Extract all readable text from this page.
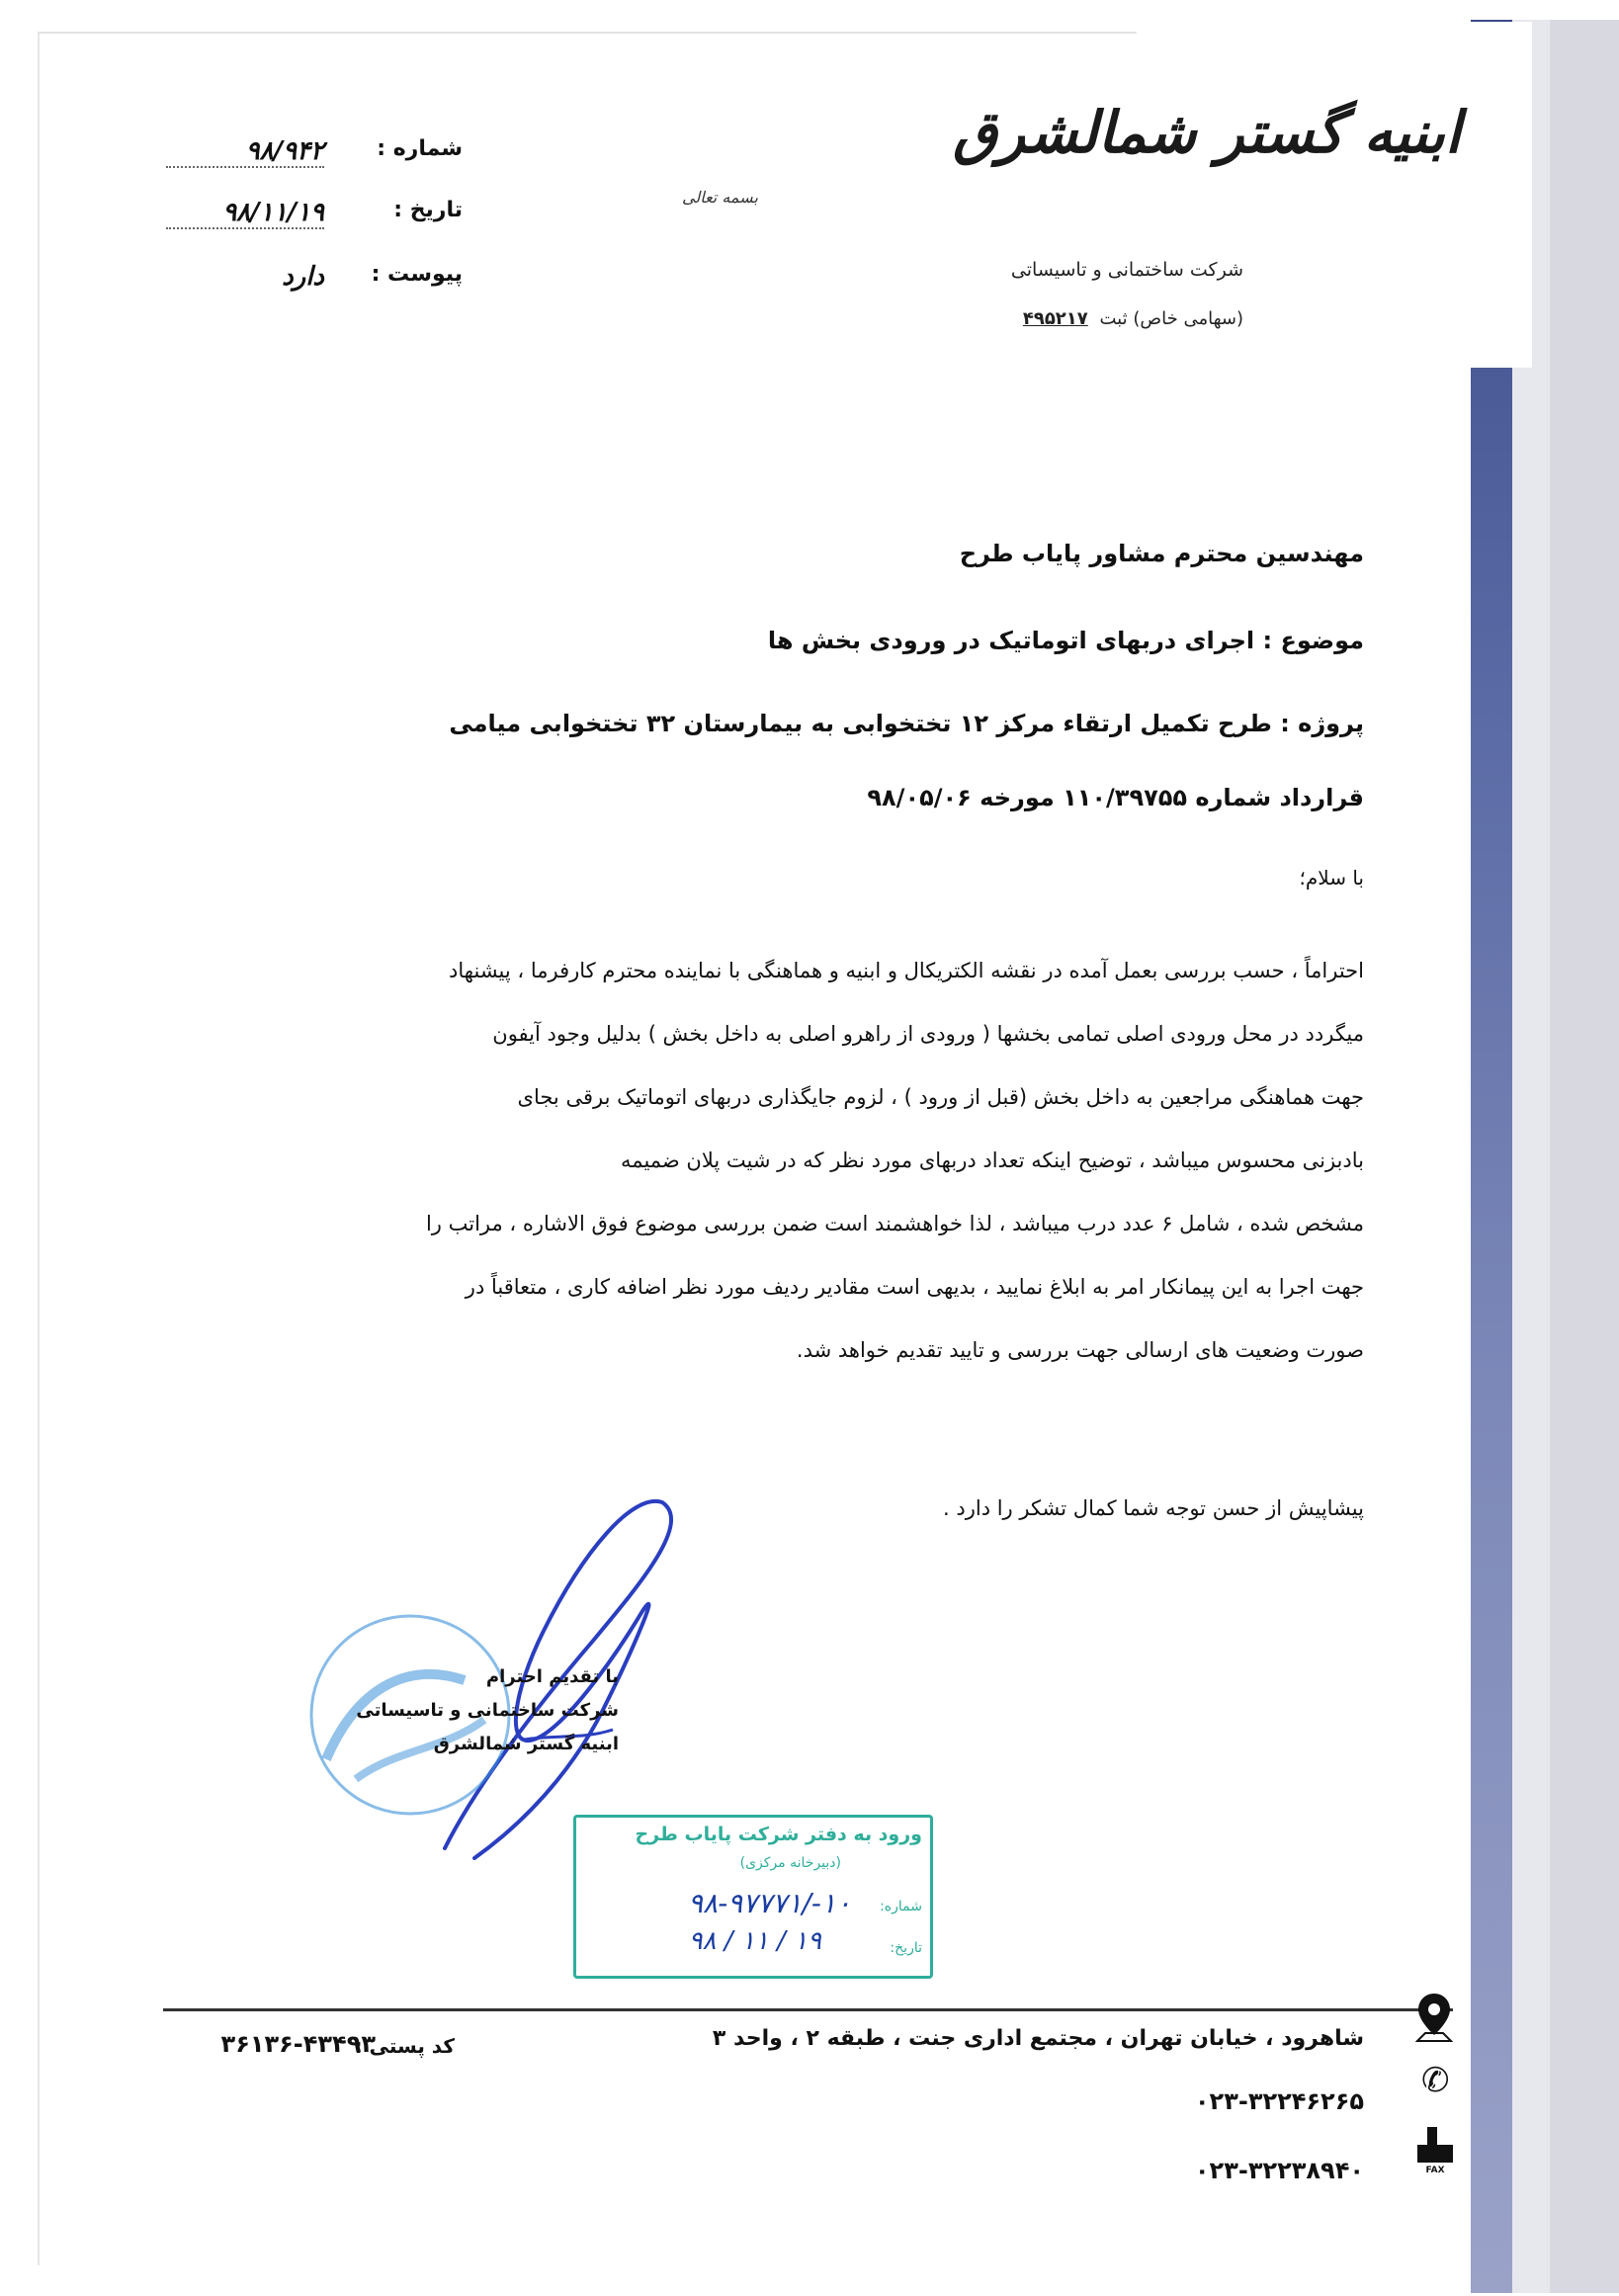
ابنیه گستر شمالشرق
شرکت ساختمانی و تاسیساتی
(سهامی خاص) ثبت ۴۹۵۲۱۷
شماره :
۹۸/۹۴۲
تاریخ :
۹۸/۱۱/۱۹
پیوست :
دارد
بسمه تعالی
مهندسین محترم مشاور پایاب طرح
موضوع : اجرای دربهای اتوماتیک در ورودی بخش ها
پروژه : طرح تکمیل ارتقاء مرکز ۱۲ تختخوابی به بیمارستان ۳۲ تختخوابی میامی
قرارداد شماره ۱۱۰/۳۹۷۵۵ مورخه ۹۸/۰۵/۰۶
با سلام؛

احتراماً ، حسب بررسی بعمل آمده در نقشه الکتریکال و ابنیه و هماهنگی با نماینده محترم کارفرما ، پیشنهاد

میگردد در محل ورودی اصلی تمامی بخشها ( ورودی از راهرو اصلی به داخل بخش ) بدلیل وجود آیفون

جهت هماهنگی مراجعین به داخل بخش (قبل از ورود ) ، لزوم جایگذاری دربهای اتوماتیک برقی بجای

بادبزنی محسوس میباشد ، توضیح اینکه تعداد دربهای مورد نظر که در شیت پلان ضمیمه

مشخص شده ، شامل ۶ عدد درب میباشد ، لذا خواهشمند است ضمن بررسی موضوع فوق الاشاره ، مراتب را

جهت اجرا به این پیمانکار امر به ابلاغ نمایید ، بدیهی است مقادیر ردیف مورد نظر اضافه کاری ، متعاقباً در

صورت وضعیت های ارسالی جهت بررسی و تایید تقدیم خواهد شد.

پیشاپیش از حسن توجه شما کمال تشکر را دارد .
با تقدیم احترام
شرکت ساختمانی و تاسیساتی
ابنیه گستر شمالشرق
ورود به دفتر شرکت پایاب طرح
(دبیرخانه مرکزی)
شماره:
۱۰-/۹۸-۹۷۷۷۱
تاریخ:
۱۹ / ۱۱ / ۹۸
شاهرود ، خیابان تهران ، مجتمع اداری جنت ، طبقه ۲ ، واحد ۳
کد پستی :
۳۶۱۳۶-۴۳۴۹۳
۰۲۳-۳۲۲۴۶۲۶۵
۰۲۳-۳۲۲۳۸۹۴۰
✆
FAX
